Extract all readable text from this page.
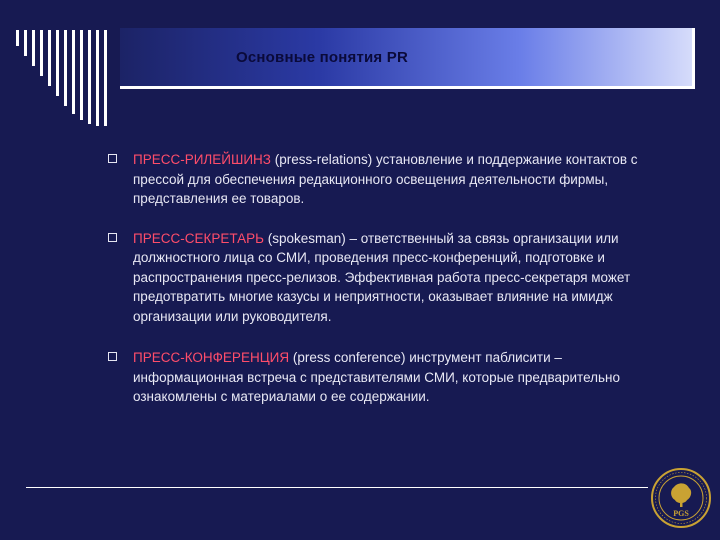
Основные понятия PR
ПРЕСС-РИЛЕЙШИНЗ (press-relations) установление и поддержание контактов с прессой для обеспечения редакционного освещения деятельности фирмы, представления ее товаров.
ПРЕСС-СЕКРЕТАРЬ (spokesman) – ответственный за связь организации или должностного лица со СМИ, проведения пресс-конференций, подготовке и распространения пресс-релизов. Эффективная работа пресс-секретаря может предотвратить многие казусы и неприятности, оказывает влияние на имидж организации или руководителя.
ПРЕСС-КОНФЕРЕНЦИЯ (press conference) инструмент паблисити – информационная встреча с представителями СМИ, которые предварительно ознакомлены с материалами о ее содержании.
PGS
